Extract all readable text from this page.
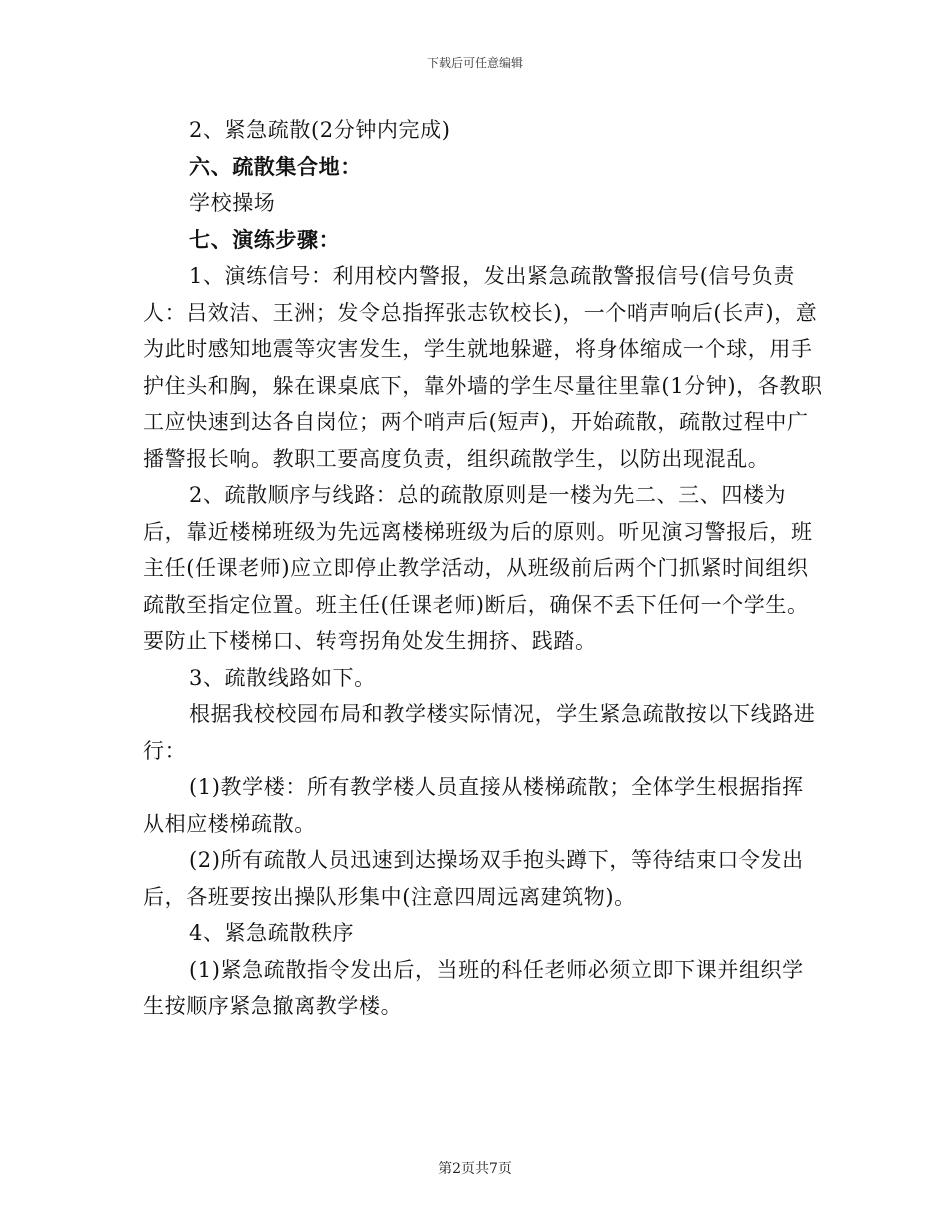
下载后可任意编辑

2、紧急疏散(2分钟内完成)

六、疏散集合地：

学校操场

七、演练步骤：

1、演练信号：利用校内警报，发出紧急疏散警报信号(信号负责人：吕效洁、王洲；发令总指挥张志钦校长)，一个哨声响后(长声)，意为此时感知地震等灾害发生，学生就地躲避，将身体缩成一个球，用手护住头和胸，躲在课桌底下，靠外墙的学生尽量往里靠(1分钟)，各教职工应快速到达各自岗位；两个哨声后(短声)，开始疏散，疏散过程中广播警报长响。教职工要高度负责，组织疏散学生，以防出现混乱。

2、疏散顺序与线路：总的疏散原则是一楼为先二、三、四楼为后，靠近楼梯班级为先远离楼梯班级为后的原则。听见演习警报后，班主任(任课老师)应立即停止教学活动，从班级前后两个门抓紧时间组织疏散至指定位置。班主任(任课老师)断后，确保不丢下任何一个学生。要防止下楼梯口、转弯拐角处发生拥挤、践踏。

3、疏散线路如下。

根据我校校园布局和教学楼实际情况，学生紧急疏散按以下线路进行：

(1)教学楼：所有教学楼人员直接从楼梯疏散；全体学生根据指挥从相应楼梯疏散。

(2)所有疏散人员迅速到达操场双手抱头蹲下，等待结束口令发出后，各班要按出操队形集中(注意四周远离建筑物)。

4、紧急疏散秩序

(1)紧急疏散指令发出后，当班的科任老师必须立即下课并组织学生按顺序紧急撤离教学楼。

第2页共7页
